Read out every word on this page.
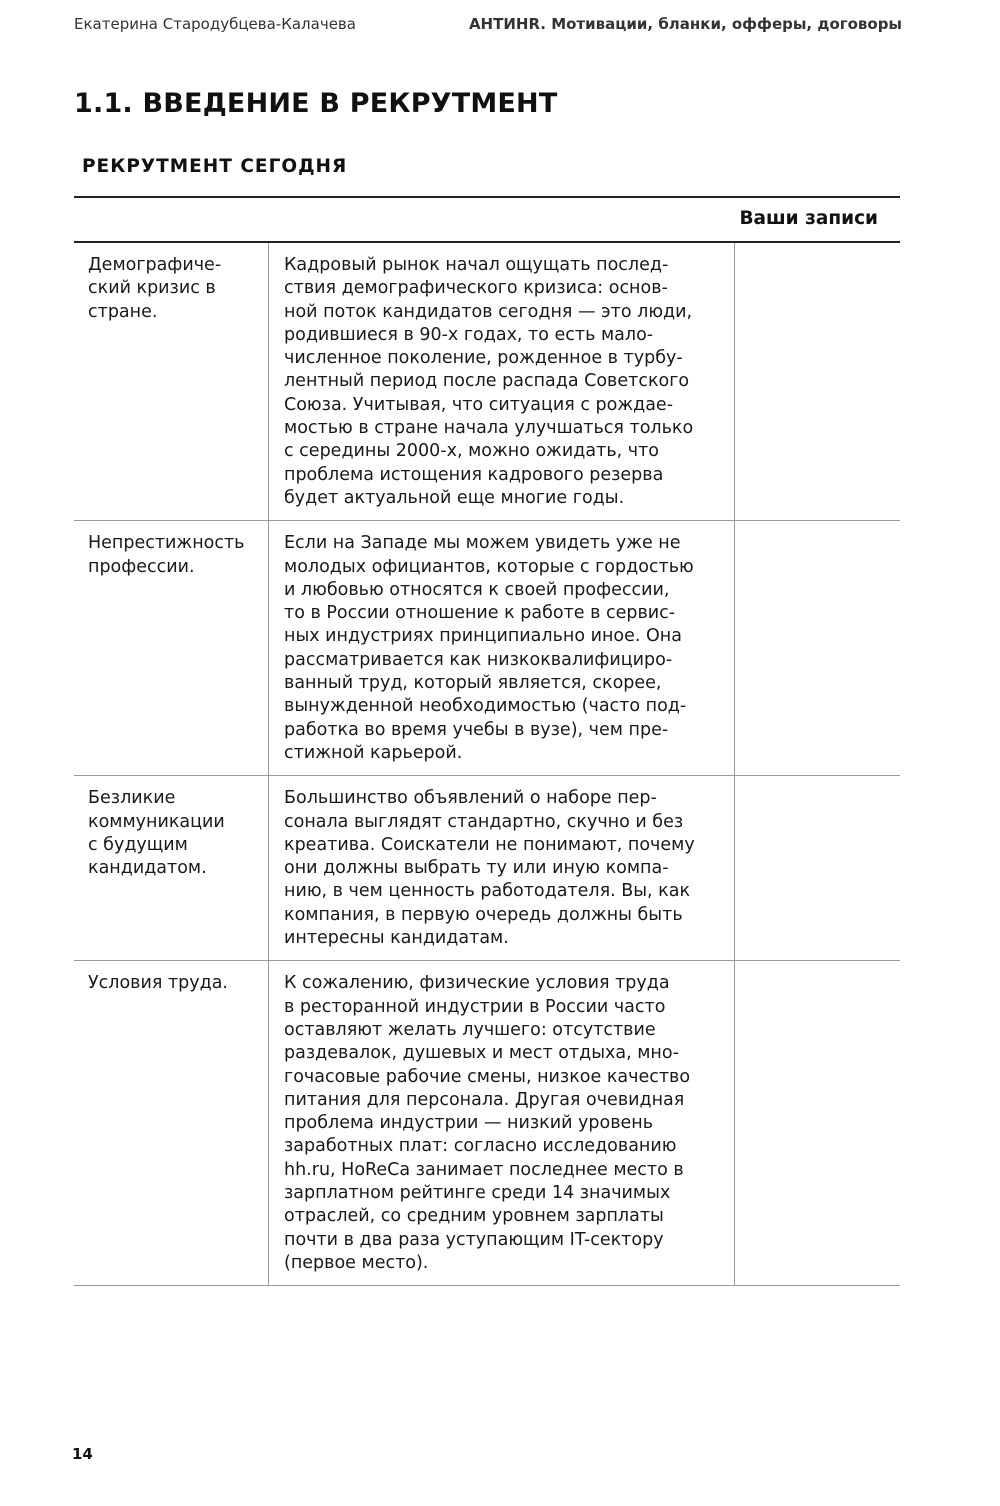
Екатерина Стародубцева-Калачева	АНТИHR. Мотивации, бланки, офферы, договоры
1.1. ВВЕДЕНИЕ В РЕКРУТМЕНТ
РЕКРУТМЕНТ СЕГОДНЯ
Ваши записи
Демографиче-
ский кризис в
стране.
Кадровый рынок начал ощущать послед-
ствия демографического кризиса: основ-
ной поток кандидатов сегодня — это люди,
родившиеся в 90-х годах, то есть мало-
численное поколение, рожденное в турбу-
лентный период после распада Советского
Союза. Учитывая, что ситуация с рождае-
мостью в стране начала улучшаться только
с середины 2000-х, можно ожидать, что
проблема истощения кадрового резерва
будет актуальной еще многие годы.
Непрестижность
профессии.
Если на Западе мы можем увидеть уже не
молодых официантов, которые с гордостью
и любовью относятся к своей профессии,
то в России отношение к работе в сервис-
ных индустриях принципиально иное. Она
рассматривается как низкоквалифициро-
ванный труд, который является, скорее,
вынужденной необходимостью (часто под-
работка во время учебы в вузе), чем пре-
стижной карьерой.
Безликие
коммуникации
с будущим
кандидатом.
Большинство объявлений о наборе пер-
сонала выглядят стандартно, скучно и без
креатива. Соискатели не понимают, почему
они должны выбрать ту или иную компа-
нию, в чем ценность работодателя. Вы, как
компания, в первую очередь должны быть
интересны кандидатам.
Условия труда.	К сожалению, физические условия труда
в ресторанной индустрии в России часто
оставляют желать лучшего: отсутствие
раздевалок, душевых и мест отдыха, мно-
гочасовые рабочие смены, низкое качество
питания для персонала. Другая очевидная
проблема индустрии — низкий уровень
заработных плат: согласно исследованию
hh.ru, HoReCa занимает последнее место в
зарплатном рейтинге среди 14 значимых
отраслей, со средним уровнем зарплаты
почти в два раза уступающим IT-сектору
(первое место).
14
